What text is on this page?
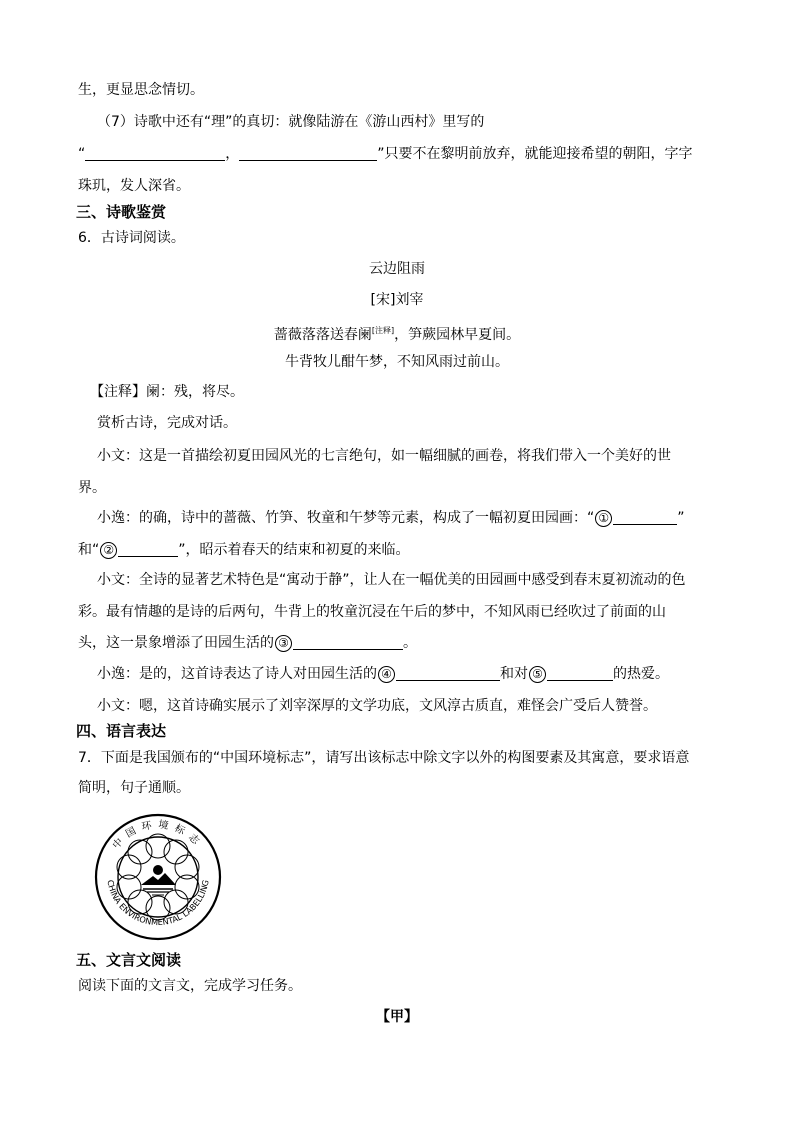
生，更显思念情切。
（7）诗歌中还有“理”的真切：就像陆游在《游山西村》里写的
“	，	”只要不在黎明前放弃，就能迎接希望的朝阳，字字
珠玑，发人深省。
三、诗歌鉴赏
6．古诗词阅读。
云边阻雨
[宋]刘宰
蔷薇落落送春阑[注释]，笋蕨园林早夏间。
牛背牧儿酣午梦，不知风雨过前山。
【注释】阑：残，将尽。
赏析古诗，完成对话。
小文：这是一首描绘初夏田园风光的七言绝句，如一幅细腻的画卷，将我们带入一个美好的世
界。
小逸：的确，诗中的蔷薇、竹笋、牧童和午梦等元素，构成了一幅初夏田园画：“ ①	”
和“ ②	”，昭示着春天的结束和初夏的来临。
小文：全诗的显著艺术特色是“寓动于静”，让人在一幅优美的田园画中感受到春末夏初流动的色
彩。最有情趣的是诗的后两句，牛背上的牧童沉浸在午后的梦中，不知风雨已经吹过了前面的山
头，这一景象增添了田园生活的 ③	。
小逸：是的，这首诗表达了诗人对田园生活的 ④	和对 ⑤	的热爱。
小文：嗯，这首诗确实展示了刘宰深厚的文学功底，文风淳古质直，难怪会广受后人赞誉。
四、语言表达
7．下面是我国颁布的“中国环境标志”，请写出该标志中除文字以外的构图要素及其寓意，要求语意
简明，句子通顺。
中国环境标志
CHINA ENVIRONMENTAL LABELLING
五、文言文阅读
阅读下面的文言文，完成学习任务。
【甲】
